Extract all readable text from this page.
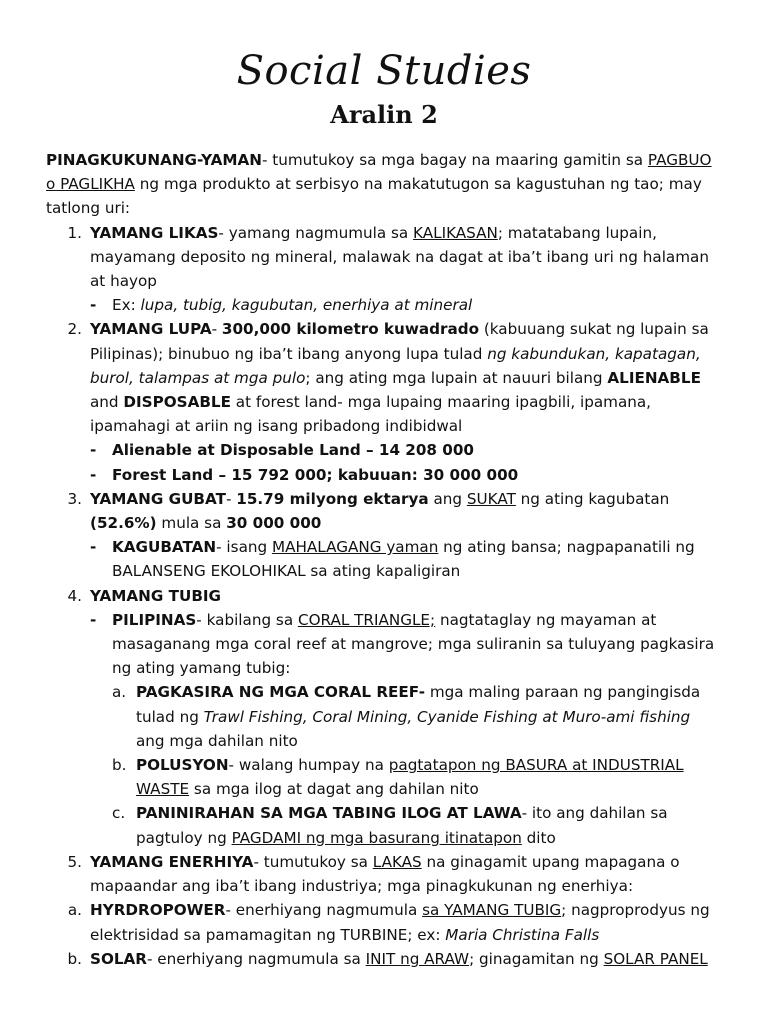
Social Studies
Aralin 2

PINAGKUKUNANG-YAMAN- tumutukoy sa mga bagay na maaring gamitin sa PAGBUO o PAGLIKHA ng mga produkto at serbisyo na makatutugon sa kagustuhan ng tao; may tatlong uri:

1. YAMANG LIKAS- yamang nagmumula sa KALIKASAN; matatabang lupain, mayamang deposito ng mineral, malawak na dagat at iba’t ibang uri ng halaman at hayop
-	Ex: lupa, tubig, kagubutan, enerhiya at mineral
2. YAMANG LUPA- 300,000 kilometro kuwadrado (kabuuang sukat ng lupain sa Pilipinas); binubuo ng iba’t ibang anyong lupa tulad ng kabundukan, kapatagan, burol, talampas at mga pulo; ang ating mga lupain at nauuri bilang ALIENABLE and DISPOSABLE at forest land- mga lupaing maaring ipagbili, ipamana, ipamahagi at ariin ng isang pribadong indibidwal
-	Alienable at Disposable Land – 14 208 000
-	Forest Land – 15 792 000; kabuuan: 30 000 000
3. YAMANG GUBAT- 15.79 milyong ektarya ang SUKAT ng ating kagubatan (52.6%) mula sa 30 000 000
-	KAGUBATAN- isang MAHALAGANG yaman ng ating bansa; nagpapanatili ng BALANSENG EKOLOHIKAL sa ating kapaligiran
4. YAMANG TUBIG
-	PILIPINAS- kabilang sa CORAL TRIANGLE; nagtataglay ng mayaman at masaganang mga coral reef at mangrove; mga suliranin sa tuluyang pagkasira ng ating yamang tubig:
a. PAGKASIRA NG MGA CORAL REEF- mga maling paraan ng pangingisda tulad ng Trawl Fishing, Coral Mining, Cyanide Fishing at Muro-ami fishing ang mga dahilan nito
b. POLUSYON- walang humpay na pagtatapon ng BASURA at INDUSTRIAL WASTE sa mga ilog at dagat ang dahilan nito
c. PANINIRAHAN SA MGA TABING ILOG AT LAWA- ito ang dahilan sa pagtuloy ng PAGDAMI ng mga basurang itinatapon dito
5. YAMANG ENERHIYA- tumutukoy sa LAKAS na ginagamit upang mapagana o mapaandar ang iba’t ibang industriya; mga pinagkukunan ng enerhiya:
a. HYRDROPOWER- enerhiyang nagmumula sa YAMANG TUBIG; nagproprodyus ng elektrisidad sa pamamagitan ng TURBINE; ex: Maria Christina Falls
b. SOLAR- enerhiyang nagmumula sa INIT ng ARAW; ginagamitan ng SOLAR PANEL
